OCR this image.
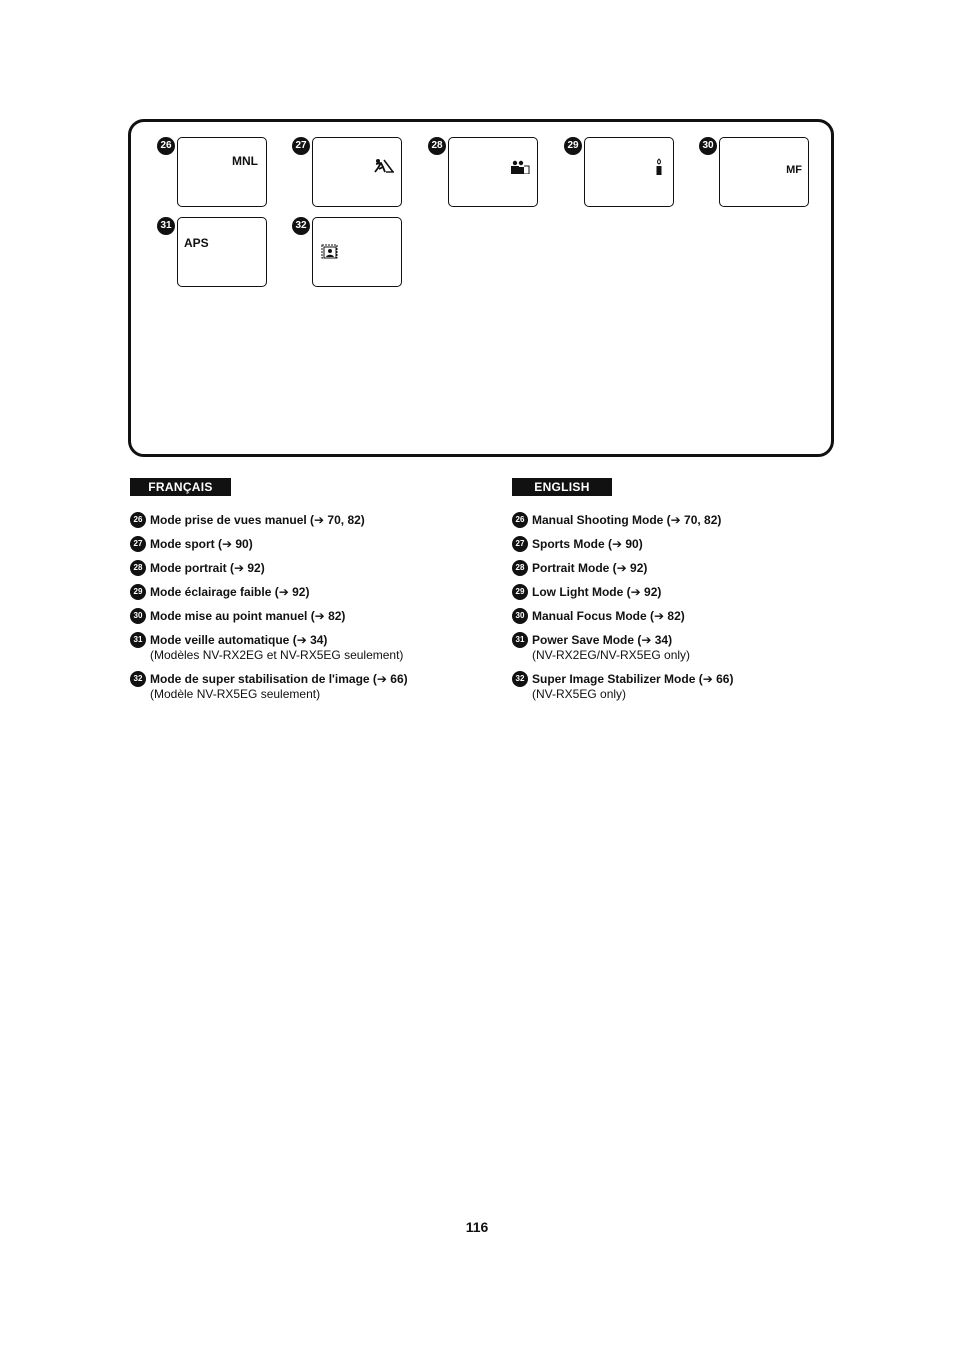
26
MNL
27	28	29	30
MF
31
APS
32
FRANÇAIS	ENGLISH
26 Mode prise de vues manuel (➔ 70, 82)
27 Mode sport (➔ 90)
28 Mode portrait (➔ 92)
29 Mode éclairage faible (➔ 92)
30 Mode mise au point manuel (➔ 82)
31 Mode veille automatique (➔ 34)
(Modèles NV-RX2EG et NV-RX5EG seulement)
32 Mode de super stabilisation de l'image (➔ 66)
(Modèle NV-RX5EG seulement)
26 Manual Shooting Mode (➔ 70, 82)
27 Sports Mode (➔ 90)
28 Portrait Mode (➔ 92)
29 Low Light Mode (➔ 92)
30 Manual Focus Mode (➔ 82)
31 Power Save Mode (➔ 34)
(NV-RX2EG/NV-RX5EG only)
32 Super Image Stabilizer Mode (➔ 66)
(NV-RX5EG only)
116
